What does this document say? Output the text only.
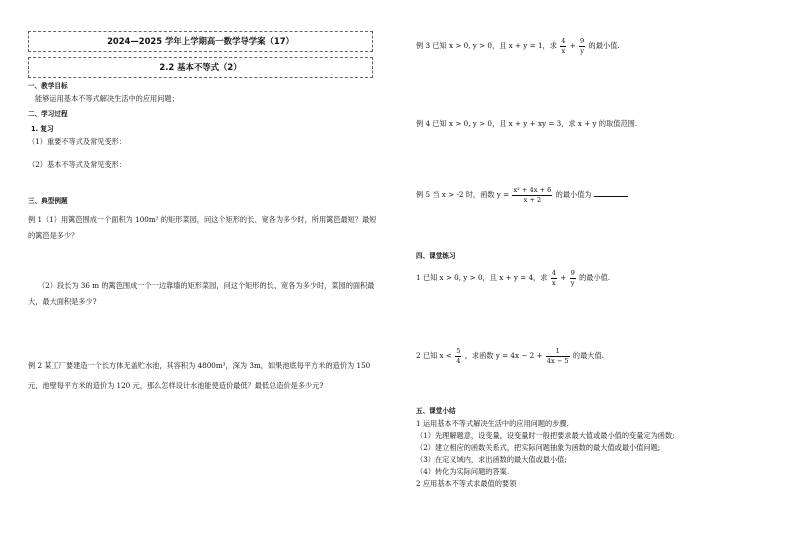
2024—2025 学年上学期高一数学导学案（17）
2.2 基本不等式（2）
一、教学目标
能够运用基本不等式解决生活中的应用问题；
二、学习过程
1. 复习
（1）重要不等式及常见变形：
（2）基本不等式及常见变形：
三、典型例题
例 1（1）用篱笆围成一个面积为 100m² 的矩形菜园，问这个矩形的长、宽各为多少时，所用篱笆最短？最短的篱笆是多少？
（2）段长为 36 m 的篱笆围成一个一边靠墙的矩形菜园，问这个矩形的长、宽各为多少时，菜园的面积最大，最大面积是多少?
例 2 某工厂要建造一个长方体无盖贮水池，其容积为 4800m³，深为 3m，如果池底每平方米的造价为 150 元，池壁每平方米的造价为 120 元，那么怎样设计水池能使造价最低？最低总造价是多少元?
例 3 已知 x > 0, y > 0，且 x + y = 1，求 $\frac{4}{x} + \frac{9}{y}$ 的最小值.
例 4 已知 x > 0, y > 0，且 x + y + xy = 3，求 x + y 的取值范围.
例 5 当 x > -2 时，函数 $y = \frac{\text{x² + 4x + 6}}{x + 2}$ 的最小值为
四、课堂练习
1 已知 x > 0, y > 0，且 x + y = 4，求 $\frac{4}{x} + \frac{9}{y}$ 的最小值.
2 已知 $x < \frac{5}{4}$ ，求函数 $y = 4x - 2 + \frac{1}{4x - 5}$ 的最大值.
五、课堂小结
1 运用基本不等式解决生活中的应用问题的步骤.
（1）先理解题意，设变量，设变量时一般把要求最大值或最小值的变量定为函数;
（2）建立相应的函数关系式，把实际问题抽象为函数的最大值或最小值问题;
（3）在定义域内，求出函数的最大值或最小值;
（4）转化为实际问题的答案.
2 应用基本不等式求最值的要领
